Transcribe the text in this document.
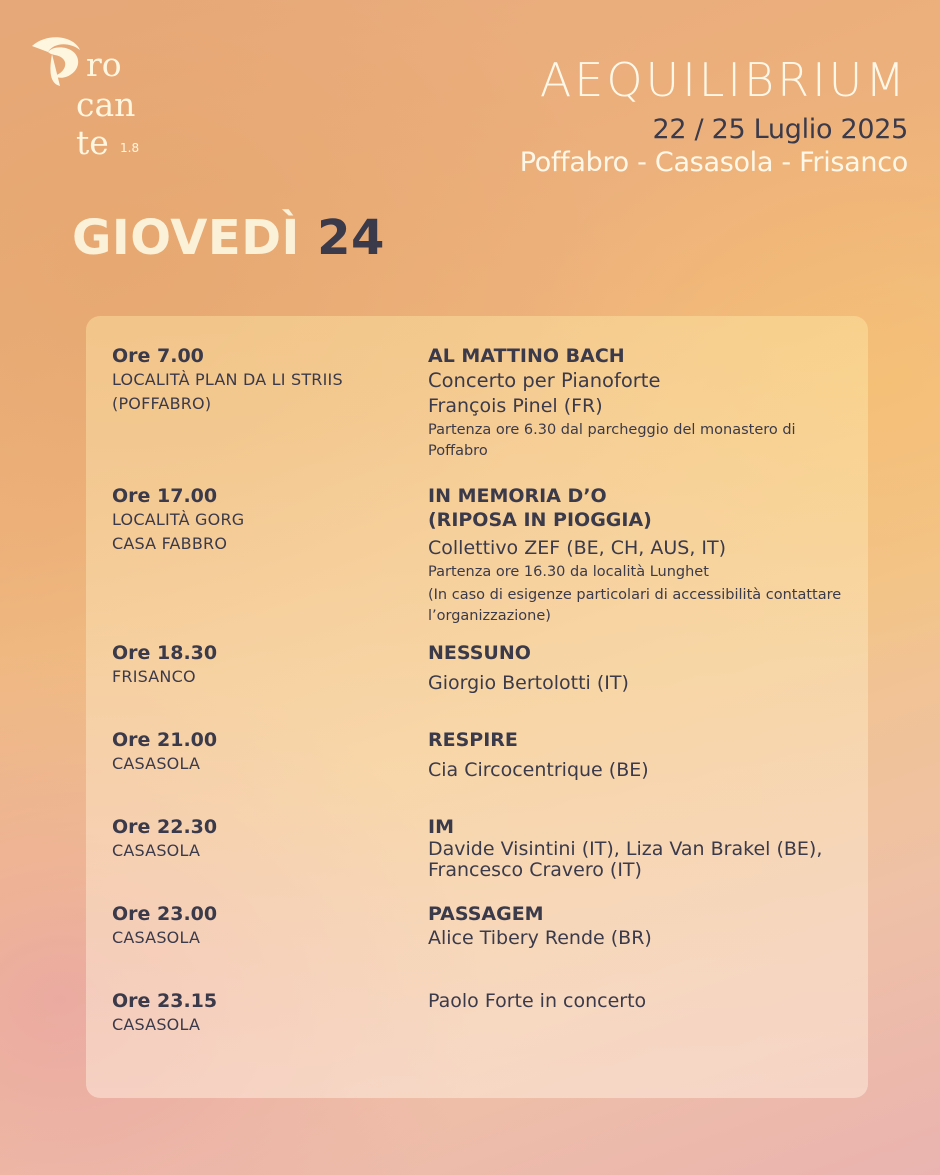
ro
can
te 1.8
AEQUILIBRIUM
22 / 25 Luglio 2025
Poffabro - Casasola - Frisanco
GIOVEDÌ 24
Ore 7.00
LOCALITÀ PLAN DA LI STRIIS
(POFFABRO)
AL MATTINO BACH
Concerto per Pianoforte
François Pinel (FR)
Partenza ore 6.30 dal parcheggio del monastero di Poffabro
Ore 17.00
LOCALITÀ GORG
CASA FABBRO
IN MEMORIA D’O
(RIPOSA IN PIOGGIA)
Collettivo ZEF (BE, CH, AUS, IT)
Partenza ore 16.30 da località Lunghet
(In caso di esigenze particolari di accessibilità contattare l’organizzazione)
Ore 18.30
FRISANCO
NESSUNO
Giorgio Bertolotti (IT)
Ore 21.00
CASASOLA
RESPIRE
Cia Circocentrique (BE)
Ore 22.30
CASASOLA
IM
Davide Visintini (IT), Liza Van Brakel (BE), Francesco Cravero (IT)
Ore 23.00
CASASOLA
PASSAGEM
Alice Tibery Rende (BR)
Ore 23.15
CASASOLA
Paolo Forte in concerto
